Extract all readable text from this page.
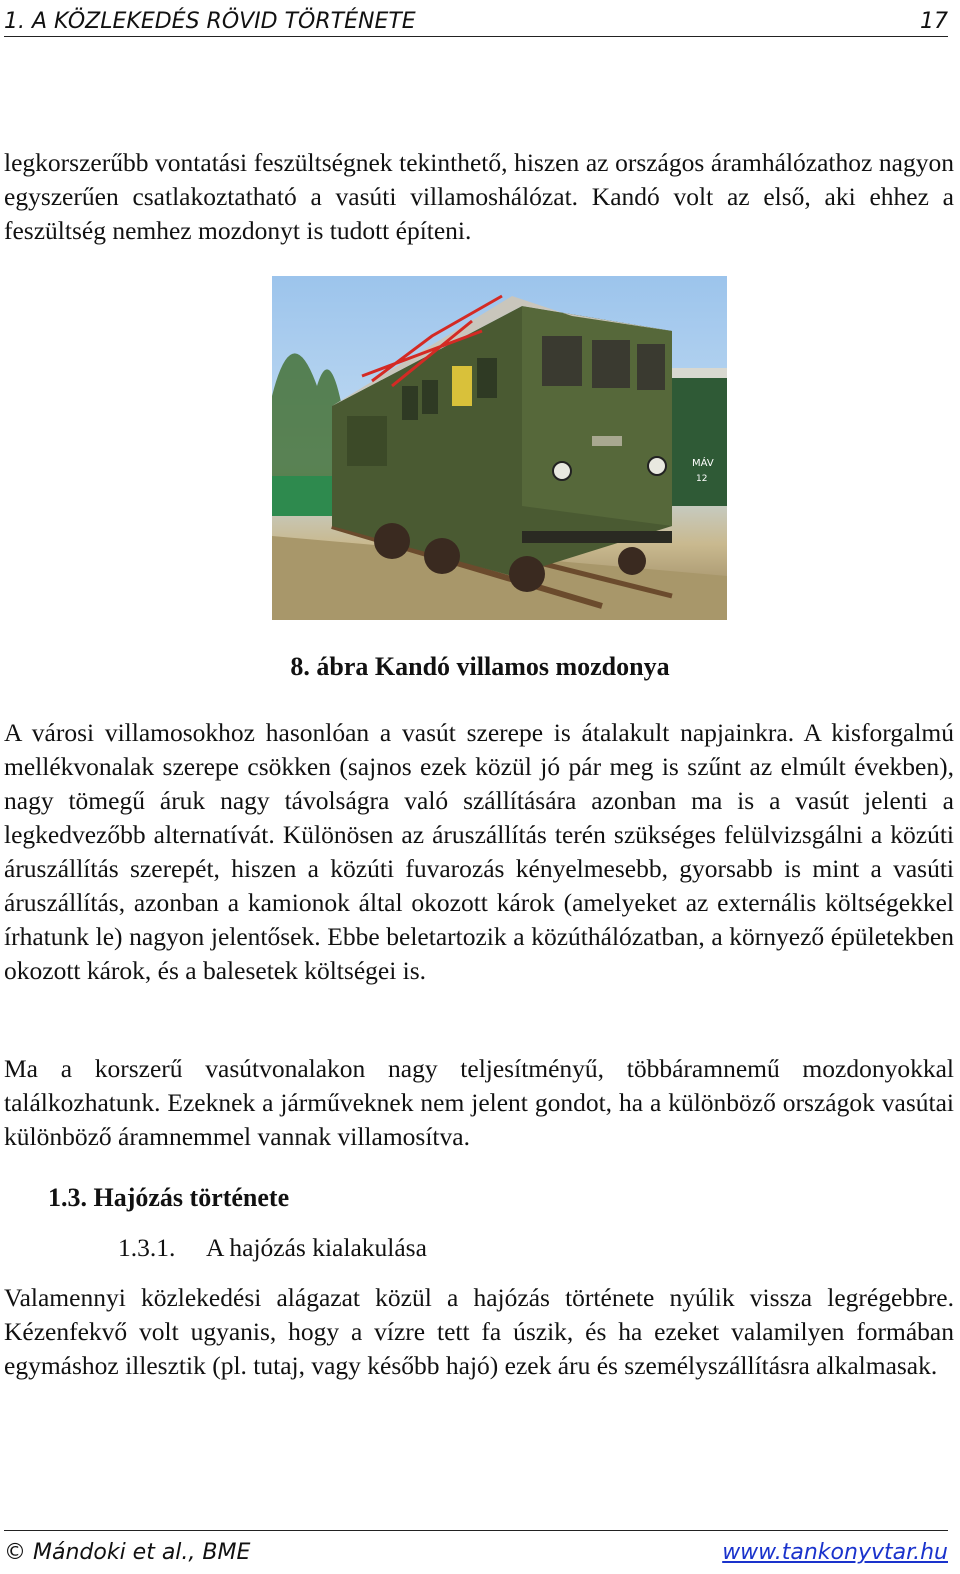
1. A KÖZLEKEDÉS RÖVID TÖRTÉNETE	17

legkorszerűbb vontatási feszültségnek tekinthető, hiszen az országos áramhálózathoz nagyon egyszerűen csatlakoztatható a vasúti villamoshálózat. Kandó volt az első, aki ehhez a feszültség nemhez mozdonyt is tudott építeni.

MÁV
12
8. ábra Kandó villamos mozdonya

A városi villamosokhoz hasonlóan a vasút szerepe is átalakult napjainkra. A kisforgalmú mellékvonalak szerepe csökken (sajnos ezek közül jó pár meg is szűnt az elmúlt években), nagy tömegű áruk nagy távolságra való szállítására azonban ma is a vasút jelenti a legkedvezőbb alternatívát. Különösen az áruszállítás terén szükséges felülvizsgálni a közúti áruszállítás szerepét, hiszen a közúti fuvarozás kényelmesebb, gyorsabb is mint a vasúti áruszállítás, azonban a kamionok által okozott károk (amelyeket az externális költségekkel írhatunk le) nagyon jelentősek. Ebbe beletartozik a közúthálózatban, a környező épületekben okozott károk, és a balesetek költségei is.

Ma a korszerű vasútvonalakon nagy teljesítményű, többáramnemű mozdonyokkal találkozhatunk. Ezeknek a járműveknek nem jelent gondot, ha a különböző országok vasútai különböző áramnemmel vannak villamosítva.

1.3. Hajózás története
1.3.1. A hajózás kialakulása

Valamennyi közlekedési alágazat közül a hajózás története nyúlik vissza legrégebbre. Kézenfekvő volt ugyanis, hogy a vízre tett fa úszik, és ha ezeket valamilyen formában egymáshoz illesztik (pl. tutaj, vagy később hajó) ezek áru és személyszállításra alkalmasak.

© Mándoki et al., BME	www.tankonyvtar.hu
